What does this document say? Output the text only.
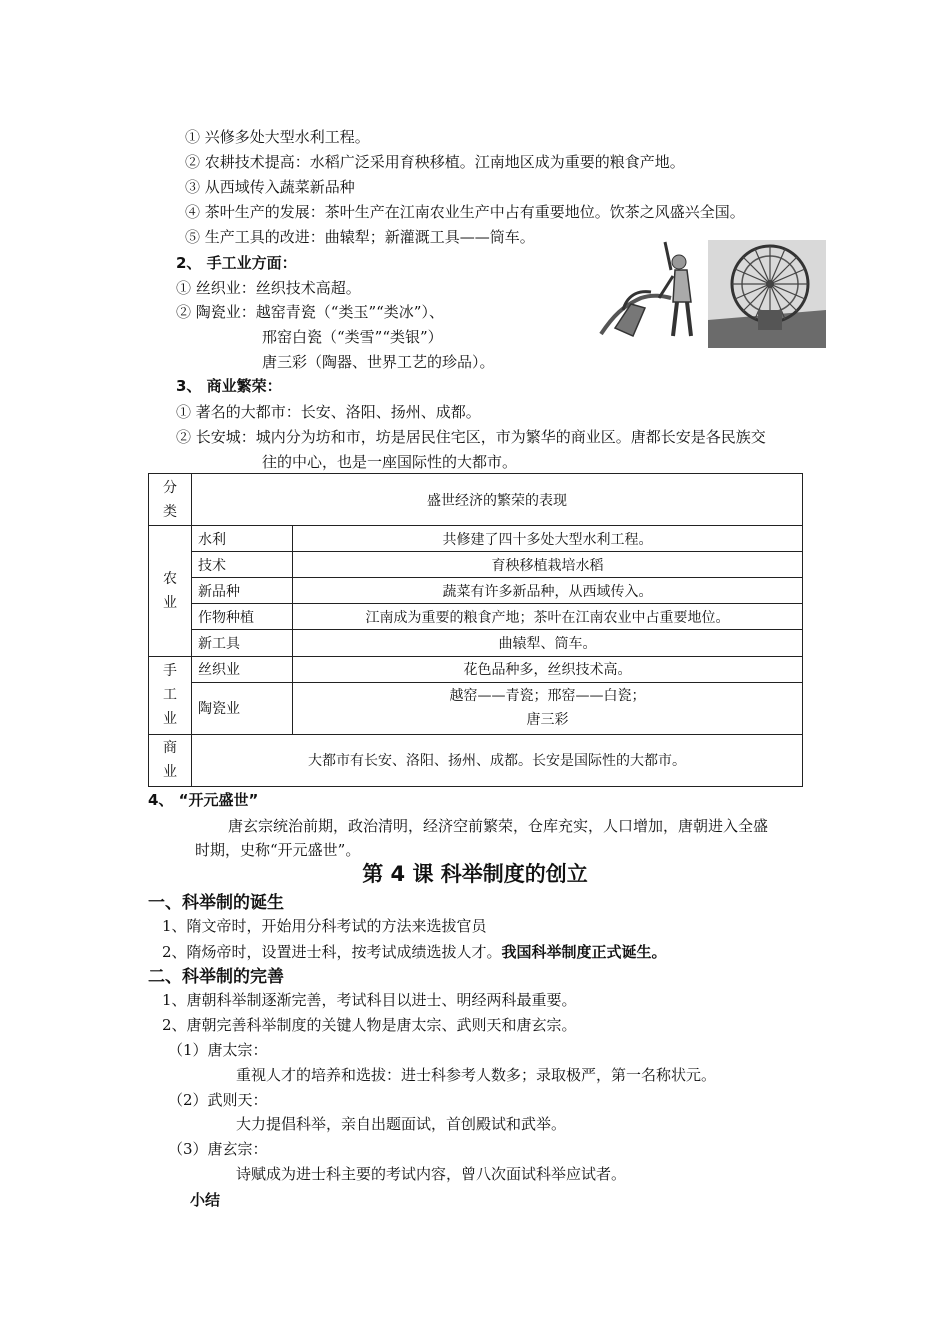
① 兴修多处大型水利工程。
② 农耕技术提高：水稻广泛采用育秧移植。江南地区成为重要的粮食产地。
③ 从西域传入蔬菜新品种
④ 茶叶生产的发展：茶叶生产在江南农业生产中占有重要地位。饮茶之风盛兴全国。
⑤ 生产工具的改进：曲辕犁；新灌溉工具——筒车。
2、 手工业方面：
① 丝织业：丝织技术高超。
② 陶瓷业：越窑青瓷（“类玉”“类冰”）、
邢窑白瓷（“类雪”“类银”）
唐三彩（陶器、世界工艺的珍品）。
3、 商业繁荣：
① 著名的大都市：长安、洛阳、扬州、成都。
② 长安城：城内分为坊和市，坊是居民住宅区，市为繁华的商业区。唐都长安是各民族交
往的中心，也是一座国际性的大都市。
分
类	盛世经济的繁荣的表现	
农
业	水利	共修建了四十多处大型水利工程。
	技术	育秧移植栽培水稻
	新品种	蔬菜有许多新品种，从西域传入。
	作物种植	江南成为重要的粮食产地；茶叶在江南农业中占重要地位。
	新工具	曲辕犁、筒车。
手
工
业	丝织业	花色品种多，丝织技术高。
	陶瓷业	越窑——青瓷；邢窑——白瓷；
唐三彩

商
业	大都市有长安、洛阳、扬州、成都。长安是国际性的大都市。	
4、 “开元盛世”
唐玄宗统治前期，政治清明，经济空前繁荣，仓库充实，人口增加，唐朝进入全盛
时期，史称“开元盛世”。
第 4 课 科举制度的创立
一、科举制的诞生
1、隋文帝时，开始用分科考试的方法来选拔官员
2、隋炀帝时，设置进士科，按考试成绩选拔人才。我国科举制度正式诞生。
二、科举制的完善
1、唐朝科举制逐渐完善，考试科目以进士、明经两科最重要。
2、唐朝完善科举制度的关键人物是唐太宗、武则天和唐玄宗。
（1）唐太宗：
重视人才的培养和选拔：进士科参考人数多；录取极严，第一名称状元。
（2）武则天：
大力提倡科举，亲自出题面试，首创殿试和武举。
（3）唐玄宗：
诗赋成为进士科主要的考试内容，曾八次面试科举应试者。
小结
